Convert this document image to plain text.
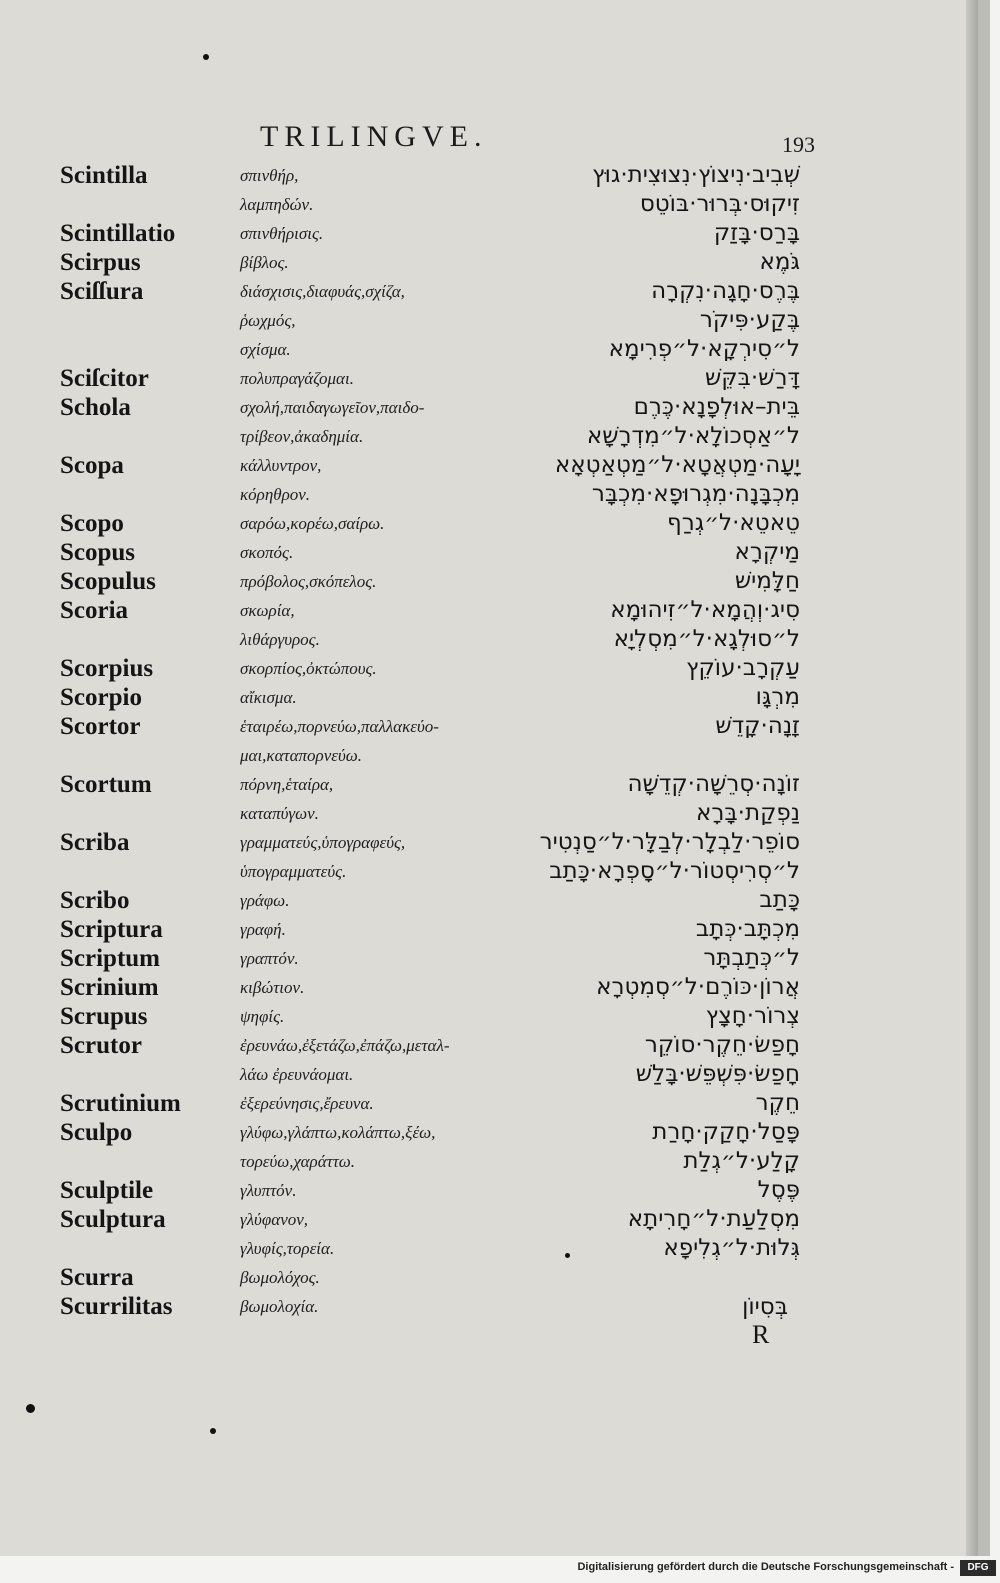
TRILINGVE.	193
Scintilla	σπινθήρ,	שְׁבִיב·נִיצוֹץ·נִצוּצִית·גוּץ
λαμπηδών.	זִיקוּס·בְּרוּר·בּוֹטֵס
Scintillatio	σπινθήρισις.	בָּרַס·בָּזַק
Scirpus	βίβλος.	גֹּמֶא
Sciſſura	διάσχισις,διαφυάς,σχίζα,	בֶּרֶס·חָגָה·נִקְרָה
ῥωχμός,	בֶּקַע·פִּיקֹר
σχίσμα.	ל״סִירְקָא·ל״פְרִימָא
Sciſcitor	πολυπραγάζομαι.	דָּרַשׁ·בִּקֵּשׁ
Schola	σχολή,παιδαγωγεῖον,παιδο-	בֵּית–אוּלְפָנָא·כֶּרֶם
τρίβεον,ἀκαδημία.	ל״אַסְכוֹלָא·ל״מִדְרָשָׁא
Scopa	κάλλυντρον,	יָעָה·מַטְאֲטָא·ל״מַטְאַטְאָא
κόρηθρον.	מִכְבָּנָה·מִגְרוּפָא·מִכְבָּר
Scopo	σαρόω,κορέω,σαίρω.	טֵאטֵא·ל״גְרַף
Scopus	σκοπός.	מַיקְרָא
Scopulus	πρόβολος,σκόπελος.	חַלָּמִישׁ
Scoria	σκωρία,	סִיג·וְהֲמָא·ל״זִיהוּמָא
λιθάργυρος.	ל״סוּלְגָא·ל״מִסְלְיָא
Scorpius	σκορπίος,ὀκτώπους.	עַקְרָב·עוֹקֵץ
Scorpio	αἴκισμα.	מִרְגָּו
Scortor	ἑταιρέω,πορνεύω,παλλακεύο-	זָנָה·קָדֵשׁ
μαι,καταπορνεύω.
Scortum	πόρνη,ἑταίρα,	זוֹנָה·סְרֵשָׁה·קְדֵשָׁה
καταπύγων.	נַפְקַת·בָּרָא
Scriba	γραμματεύς,ὑπογραφεύς,	סוֹפֵר·לַבְלָר·לְבַלָּר·ל״סַנְטִיר
ὑπογραμματεύς.	ל״סְרִיסְטוֹר·ל״סָפְרָא·כָּתַב
Scribo	γράφω.	כָּתַב
Scriptura	γραφή.	מִכְתָּב·כְּתָב
Scriptum	γραπτόν.	ל״כְּתַבְתָּר
Scrinium	κιβώτιον.	אֲרוֹן·כּוֹרֶם·ל״סְמִטְרָא
Scrupus	ψηφίς.	צְרוֹר·חָצָץ
Scrutor	ἐρευνάω,ἐξετάζω,ἐπάζω,μεταλ-	חָפַשׂ·חֵקֶר·סוֹקֵר
λάω ἐρευνάομαι.	חָפַשׂ·פִּשְׁפֵּשׁ·בָּלַשׁ
Scrutinium	ἐξερεύνησις,ἔρευνα.	חֵקֶר
Sculpo	γλύφω,γλάπτω,κολάπτω,ξέω,	פָּסַל·חָקַק·חָרַת
τορεύω,χαράττω.	קָלַע·ל״גְלַת
Sculptile	γλυπτόν.	פֶּסֶל
Sculptura	γλύφανον,	מִסְלַעַת·ל״חָרִיתָא
γλυφίς,τορεία.	גְּלוּת·ל״גְלִיפָא
Scurra	βωμολόχος.
Scurrilitas	βωμολοχία.	בְּסִיוֹן
R
Digitalisierung gefördert durch die Deutsche Forschungsgemeinschaft -	DFG
